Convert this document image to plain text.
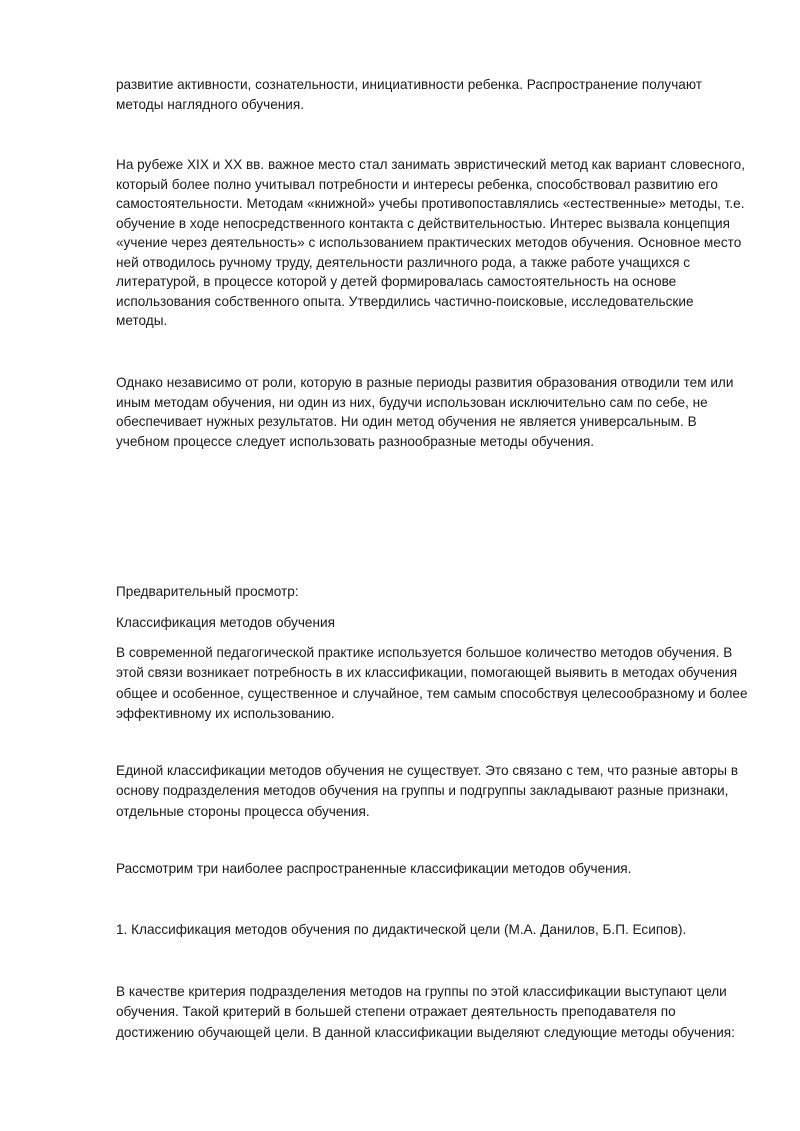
развитие активности, сознательности, инициативности ребенка. Распространение получают методы наглядного обучения.

На рубеже XIX и XX вв. важное место стал занимать эвристический метод как вариант словесного, который более полно учитывал потребности и интересы ребенка, способствовал развитию его самостоятельности. Методам «книжной» учебы противопоставлялись «естественные» методы, т.е. обучение в ходе непосредственного контакта с действительностью. Интерес вызвала концепция «учение через деятельность» с использованием практических методов обучения. Основное место ней отводилось ручному труду, деятельности различного рода, а также работе учащихся с литературой, в процессе которой у детей формировалась самостоятельность на основе использования собственного опыта. Утвердились частично-поисковые, исследовательские методы.

Однако независимо от роли, которую в разные периоды развития образования отводили тем или иным методам обучения, ни один из них, будучи использован исключительно сам по себе, не обеспечивает нужных результатов. Ни один метод обучения не является универсальным. В учебном процессе следует использовать разнообразные методы обучения.

Предварительный просмотр:

Классификация методов обучения

В современной педагогической практике используется большое количество методов обучения. В этой связи возникает потребность в их классификации, помогающей выявить в методах обучения общее и особенное, существенное и случайное, тем самым способствуя целесообразному и более эффективному их использованию.

Единой классификации методов обучения не существует. Это связано с тем, что разные авторы в основу подразделения методов обучения на группы и подгруппы закладывают разные признаки, отдельные стороны процесса обучения.

Рассмотрим три наиболее распространенные классификации методов обучения.

1. Классификация методов обучения по дидактической цели (М.А. Данилов, Б.П. Есипов).

В качестве критерия подразделения методов на группы по этой классификации выступают цели обучения. Такой критерий в большей степени отражает деятельность преподавателя по достижению обучающей цели. В данной классификации выделяют следующие методы обучения:
